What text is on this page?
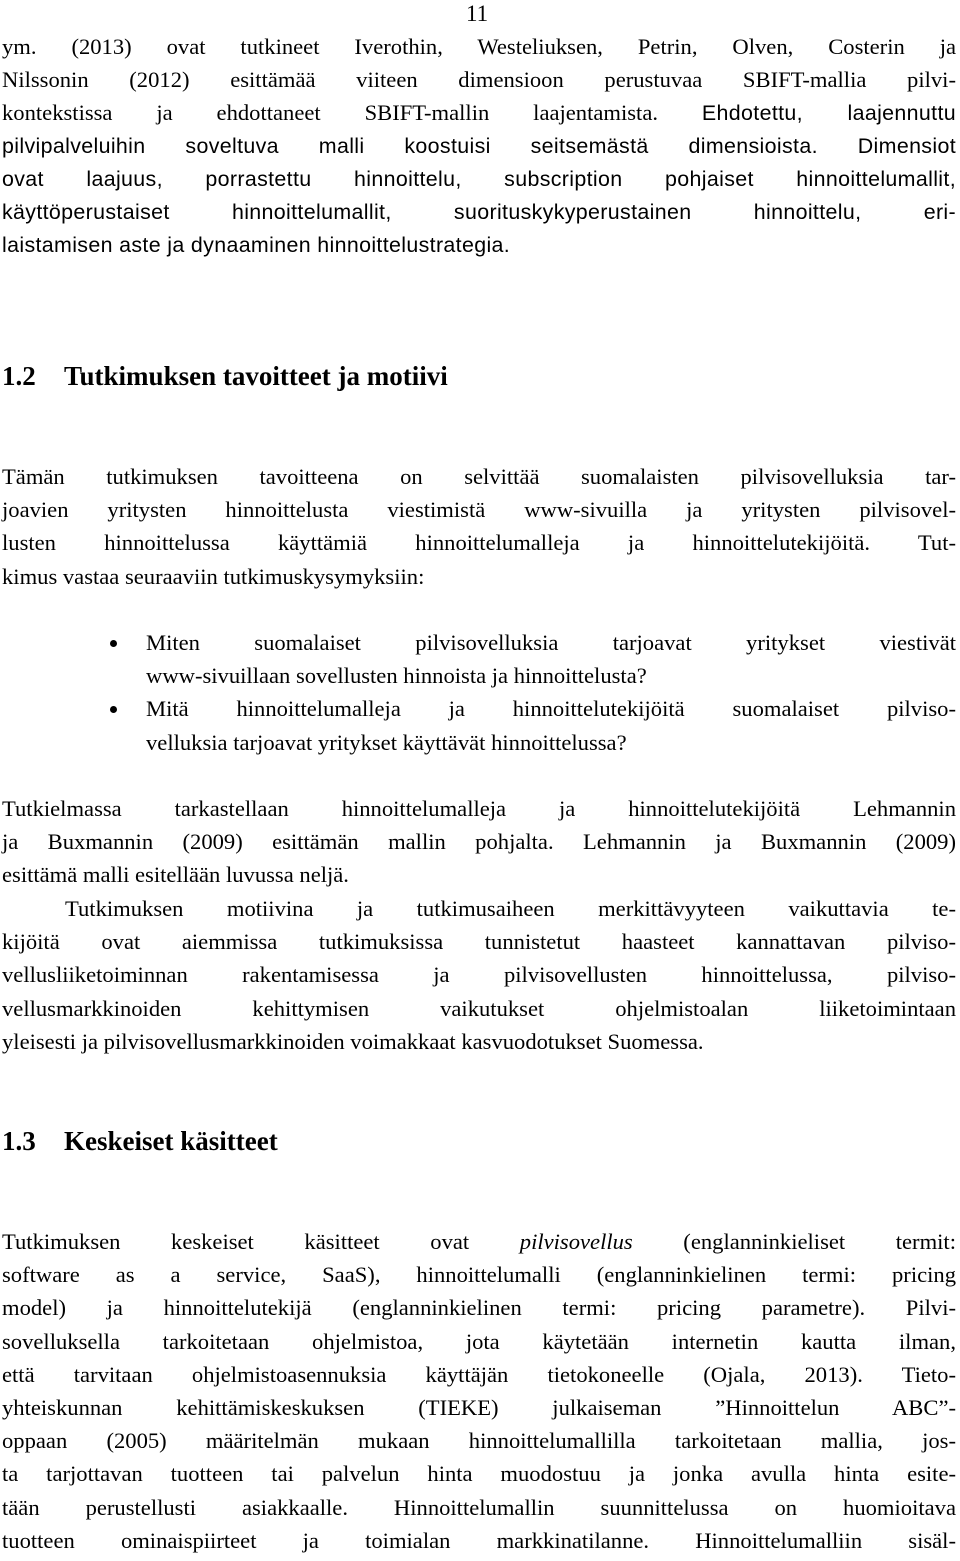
11
ym. (2013) ovat tutkineet Iverothin, Westeliuksen, Petrin, Olven, Costerin ja
Nilssonin (2012) esittämää viiteen dimensioon perustuvaa SBIFT-mallia pilvi-
kontekstissa ja ehdottaneet SBIFT-mallin laajentamista. Ehdotettu, laajennuttu
pilvipalveluihin soveltuva malli koostuisi seitsemästä dimensioista. Dimensiot
ovat laajuus, porrastettu hinnoittelu, subscription pohjaiset hinnoittelumallit,
käyttöperustaiset hinnoittelumallit, suorituskykyperustainen hinnoittelu, eri-
laistamisen aste ja dynaaminen hinnoittelustrategia.
1.2 Tutkimuksen tavoitteet ja motiivi
Tämän tutkimuksen tavoitteena on selvittää suomalaisten pilvisovelluksia tar-
joavien yritysten hinnoittelusta viestimistä www-sivuilla ja yritysten pilvisovel-
lusten hinnoittelussa käyttämiä hinnoittelumalleja ja hinnoittelutekijöitä. Tut-
kimus vastaa seuraaviin tutkimuskysymyksiin:
Miten suomalaiset pilvisovelluksia tarjoavat yritykset viestivät
www-sivuillaan sovellusten hinnoista ja hinnoittelusta?
Mitä hinnoittelumalleja ja hinnoittelutekijöitä suomalaiset pilviso-
velluksia tarjoavat yritykset käyttävät hinnoittelussa?
Tutkielmassa tarkastellaan hinnoittelumalleja ja hinnoittelutekijöitä Lehmannin
ja Buxmannin (2009) esittämän mallin pohjalta. Lehmannin ja Buxmannin (2009)
esittämä malli esitellään luvussa neljä.
Tutkimuksen motiivina ja tutkimusaiheen merkittävyyteen vaikuttavia te-
kijöitä ovat aiemmissa tutkimuksissa tunnistetut haasteet kannattavan pilviso-
vellusliiketoiminnan rakentamisessa ja pilvisovellusten hinnoittelussa, pilviso-
vellusmarkkinoiden kehittymisen vaikutukset ohjelmistoalan liiketoimintaan
yleisesti ja pilvisovellusmarkkinoiden voimakkaat kasvuodotukset Suomessa.
1.3 Keskeiset käsitteet
Tutkimuksen keskeiset käsitteet ovat pilvisovellus (englanninkieliset termit:
software as a service, SaaS), hinnoittelumalli (englanninkielinen termi: pricing
model) ja hinnoittelutekijä (englanninkielinen termi: pricing parametre). Pilvi-
sovelluksella tarkoitetaan ohjelmistoa, jota käytetään internetin kautta ilman,
että tarvitaan ohjelmistoasennuksia käyttäjän tietokoneelle (Ojala, 2013). Tieto-
yhteiskunnan kehittämiskeskuksen (TIEKE) julkaiseman ”Hinnoittelun ABC”-
oppaan (2005) määritelmän mukaan hinnoittelumallilla tarkoitetaan mallia, jos-
ta tarjottavan tuotteen tai palvelun hinta muodostuu ja jonka avulla hinta esite-
tään perustellusti asiakkaalle. Hinnoittelumallin suunnittelussa on huomioitava
tuotteen ominaispiirteet ja toimialan markkinatilanne. Hinnoittelumalliin sisäl-
